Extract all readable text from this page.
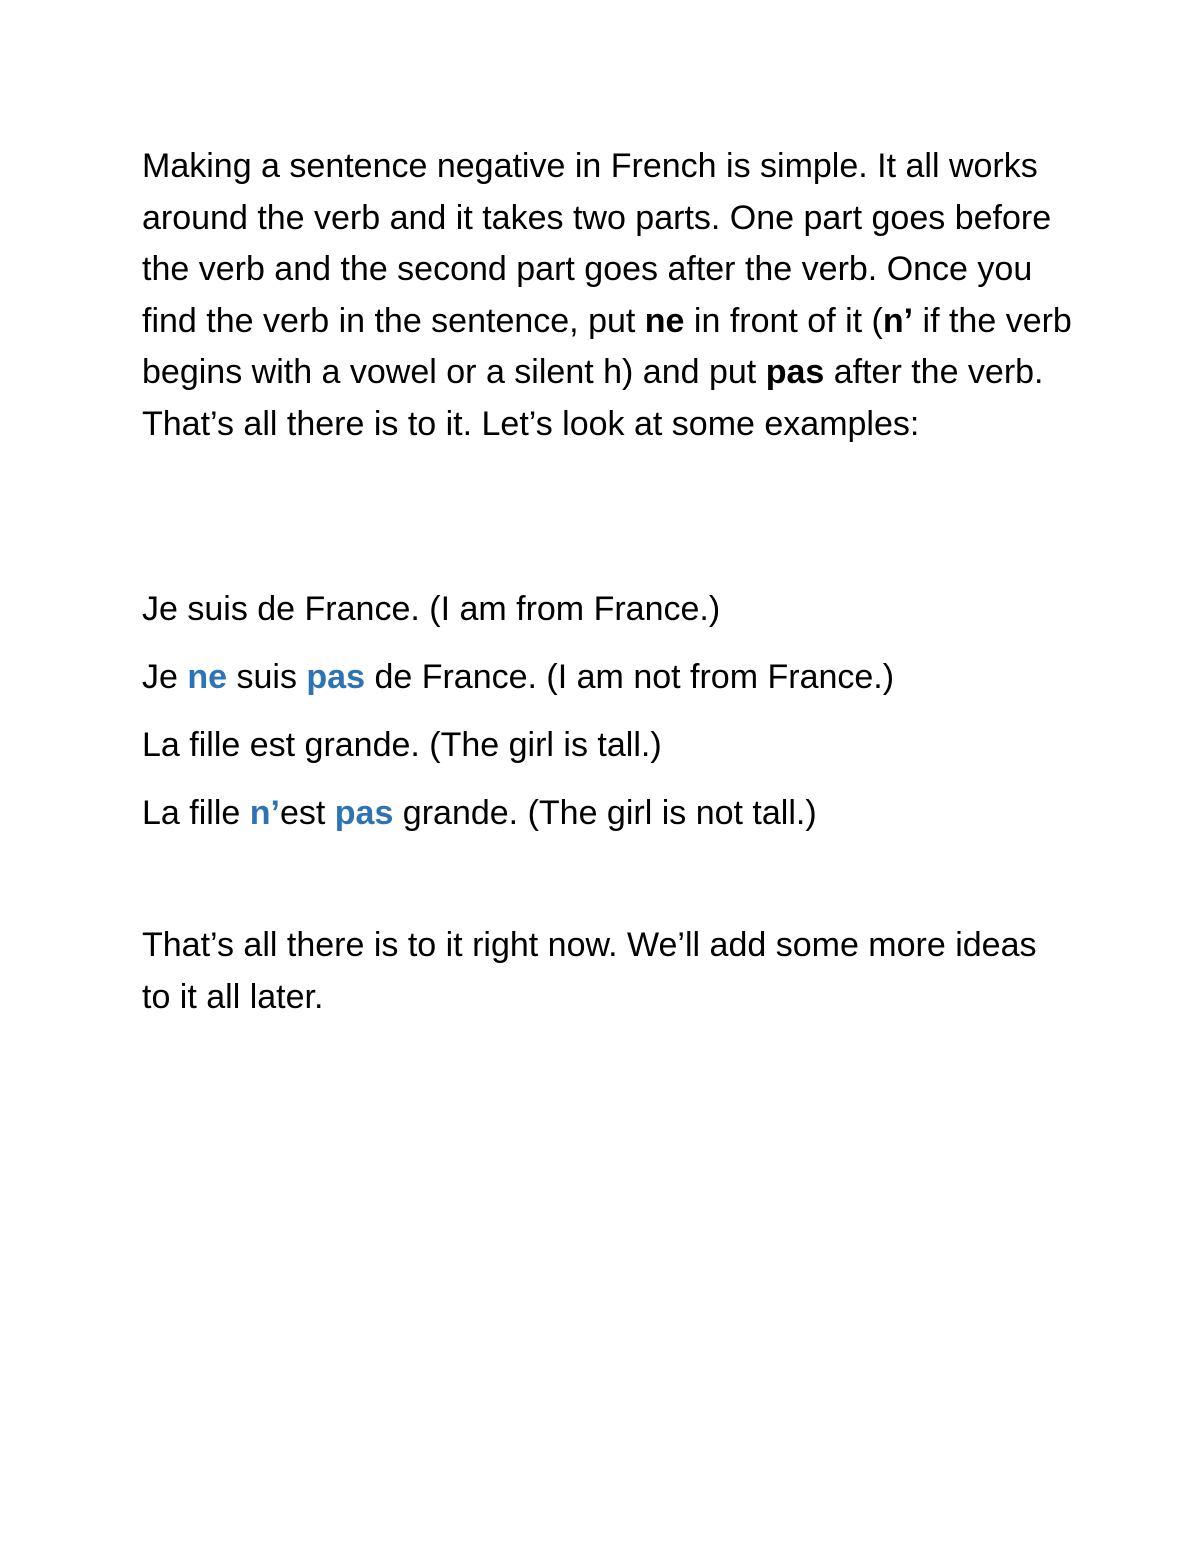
Making a sentence negative in French is simple. It all works around the verb and it takes two parts. One part goes before the verb and the second part goes after the verb. Once you find the verb in the sentence, put ne in front of it (n’ if the verb begins with a vowel or a silent h) and put pas after the verb. That’s all there is to it. Let’s look at some examples:

Je suis de France. (I am from France.)
Je ne suis pas de France. (I am not from France.)
La fille est grande. (The girl is tall.)
La fille n’est pas grande. (The girl is not tall.)

That’s all there is to it right now. We’ll add some more ideas to it all later.
